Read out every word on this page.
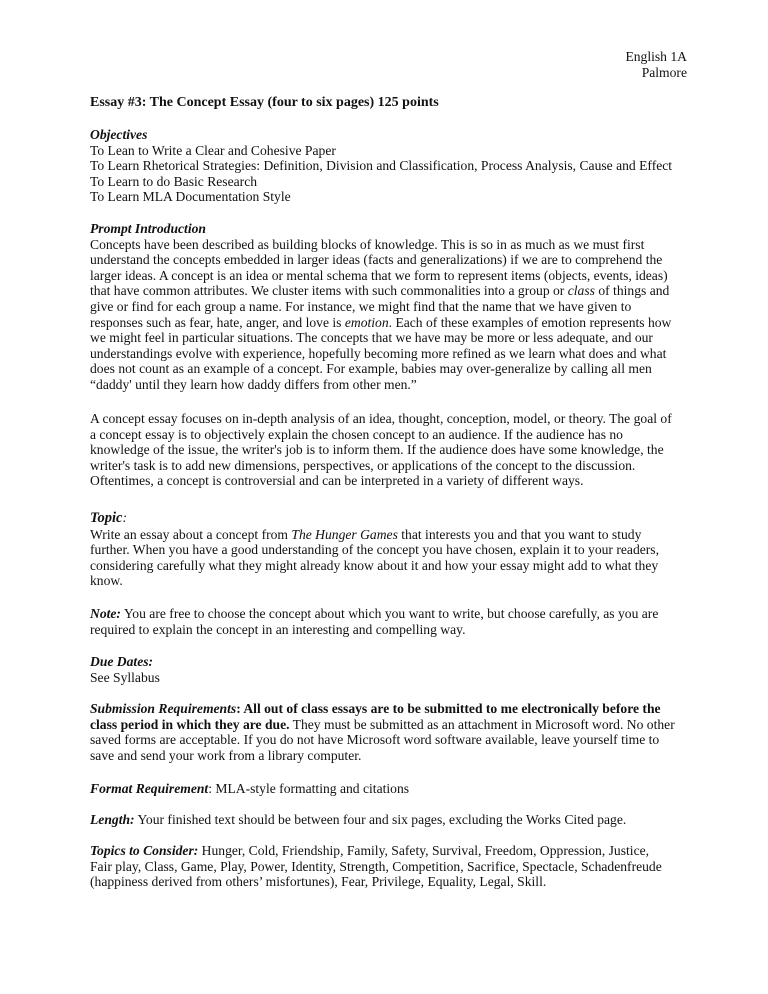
English 1A
Palmore
Essay #3: The Concept Essay (four to six pages) 125 points
Objectives
To Lean to Write a Clear and Cohesive Paper
To Learn Rhetorical Strategies: Definition, Division and Classification, Process Analysis, Cause and Effect
To Learn to do Basic Research
To Learn MLA Documentation Style
Prompt Introduction
Concepts have been described as building blocks of knowledge. This is so in as much as we must first
understand the concepts embedded in larger ideas (facts and generalizations) if we are to comprehend the
larger ideas. A concept is an idea or mental schema that we form to represent items (objects, events, ideas)
that have common attributes. We cluster items with such commonalities into a group or class of things and
give or find for each group a name. For instance, we might find that the name that we have given to
responses such as fear, hate, anger, and love is emotion. Each of these examples of emotion represents how
we might feel in particular situations. The concepts that we have may be more or less adequate, and our
understandings evolve with experience, hopefully becoming more refined as we learn what does and what
does not count as an example of a concept. For example, babies may over-generalize by calling all men
“daddy' until they learn how daddy differs from other men.”
A concept essay focuses on in-depth analysis of an idea, thought, conception, model, or theory. The goal of
a concept essay is to objectively explain the chosen concept to an audience. If the audience has no
knowledge of the issue, the writer's job is to inform them. If the audience does have some knowledge, the
writer's task is to add new dimensions, perspectives, or applications of the concept to the discussion.
Oftentimes, a concept is controversial and can be interpreted in a variety of different ways.
Topic:
Write an essay about a concept from The Hunger Games that interests you and that you want to study
further. When you have a good understanding of the concept you have chosen, explain it to your readers,
considering carefully what they might already know about it and how your essay might add to what they
know.
Note: You are free to choose the concept about which you want to write, but choose carefully, as you are
required to explain the concept in an interesting and compelling way.
Due Dates:
See Syllabus
Submission Requirements: All out of class essays are to be submitted to me electronically before the
class period in which they are due. They must be submitted as an attachment in Microsoft word. No other
saved forms are acceptable. If you do not have Microsoft word software available, leave yourself time to
save and send your work from a library computer.
Format Requirement: MLA-style formatting and citations
Length: Your finished text should be between four and six pages, excluding the Works Cited page.
Topics to Consider: Hunger, Cold, Friendship, Family, Safety, Survival, Freedom, Oppression, Justice,
Fair play, Class, Game, Play, Power, Identity, Strength, Competition, Sacrifice, Spectacle, Schadenfreude
(happiness derived from others’ misfortunes), Fear, Privilege, Equality, Legal, Skill.
